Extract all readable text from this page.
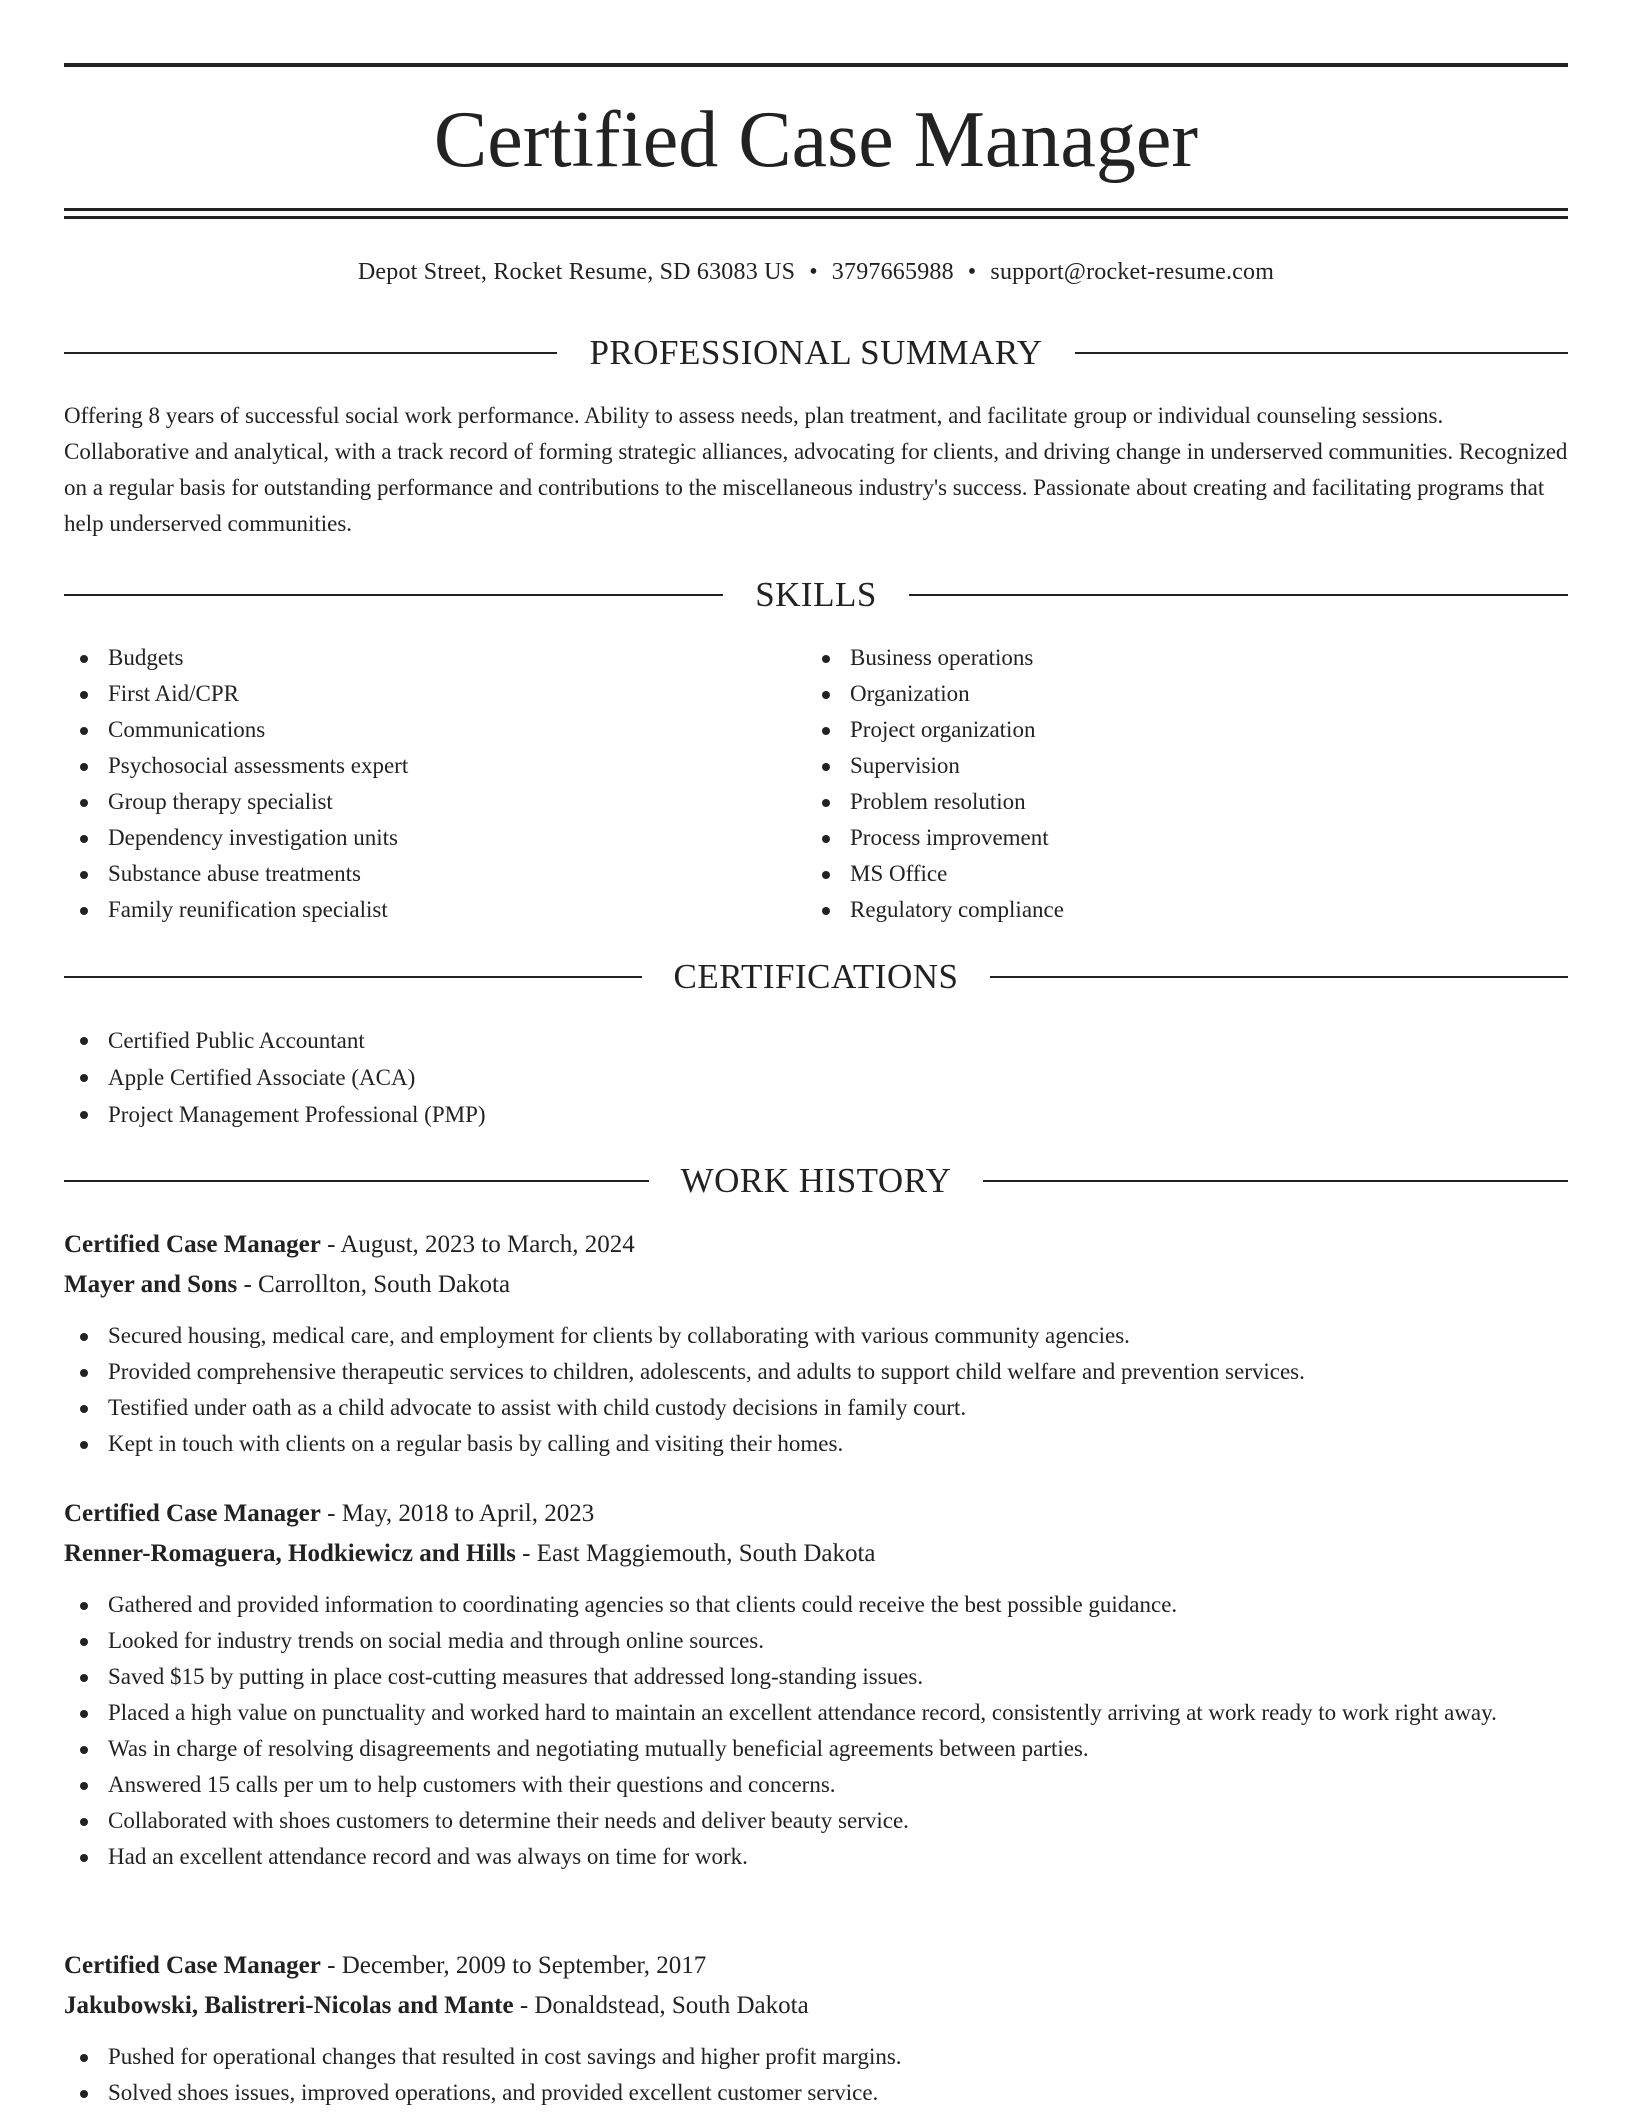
Certified Case Manager
Depot Street, Rocket Resume, SD 63083 US • 3797665988 • support@rocket-resume.com
PROFESSIONAL SUMMARY

Offering 8 years of successful social work performance. Ability to assess needs, plan treatment, and facilitate group or individual counseling sessions. Collaborative and analytical, with a track record of forming strategic alliances, advocating for clients, and driving change in underserved communities. Recognized on a regular basis for outstanding performance and contributions to the miscellaneous industry's success. Passionate about creating and facilitating programs that help underserved communities.

SKILLS
Budgets
First Aid/CPR
Communications
Psychosocial assessments expert
Group therapy specialist
Dependency investigation units
Substance abuse treatments
Family reunification specialist
Business operations
Organization
Project organization
Supervision
Problem resolution
Process improvement
MS Office
Regulatory compliance
CERTIFICATIONS
Certified Public Accountant
Apple Certified Associate (ACA)
Project Management Professional (PMP)
WORK HISTORY
Certified Case Manager - August, 2023 to March, 2024
Mayer and Sons - Carrollton, South Dakota
Secured housing, medical care, and employment for clients by collaborating with various community agencies.
Provided comprehensive therapeutic services to children, adolescents, and adults to support child welfare and prevention services.
Testified under oath as a child advocate to assist with child custody decisions in family court.
Kept in touch with clients on a regular basis by calling and visiting their homes.
Certified Case Manager - May, 2018 to April, 2023
Renner-Romaguera, Hodkiewicz and Hills - East Maggiemouth, South Dakota
Gathered and provided information to coordinating agencies so that clients could receive the best possible guidance.
Looked for industry trends on social media and through online sources.
Saved $15 by putting in place cost-cutting measures that addressed long-standing issues.
Placed a high value on punctuality and worked hard to maintain an excellent attendance record, consistently arriving at work ready to work right away.
Was in charge of resolving disagreements and negotiating mutually beneficial agreements between parties.
Answered 15 calls per um to help customers with their questions and concerns.
Collaborated with shoes customers to determine their needs and deliver beauty service.
Had an excellent attendance record and was always on time for work.
Certified Case Manager - December, 2009 to September, 2017
Jakubowski, Balistreri-Nicolas and Mante - Donaldstead, South Dakota
Pushed for operational changes that resulted in cost savings and higher profit margins.
Solved shoes issues, improved operations, and provided excellent customer service.
